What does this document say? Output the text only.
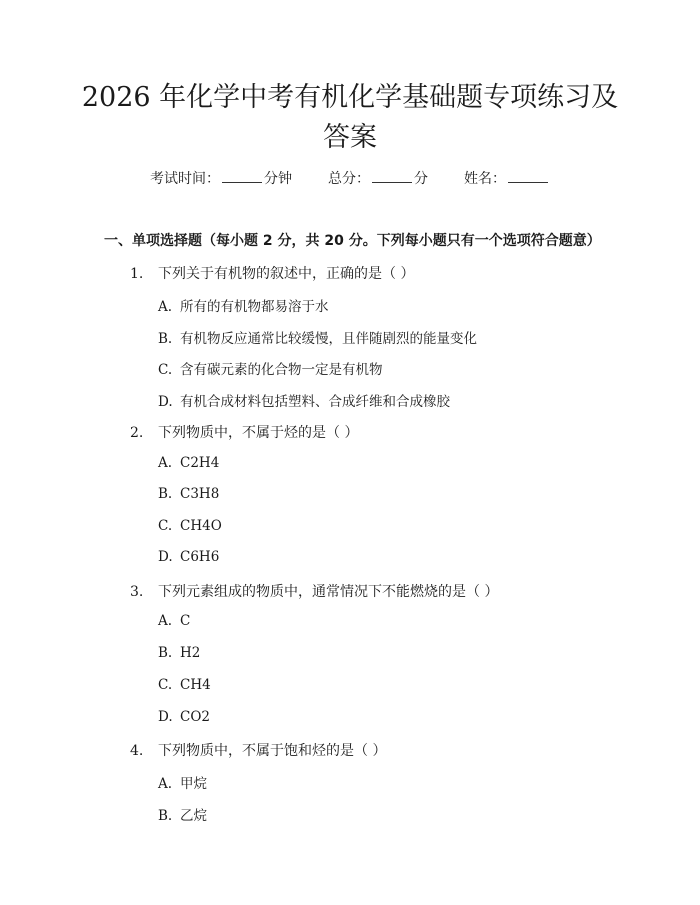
2026 年化学中考有机化学基础题专项练习及
答案
考试时间：	分钟	总分：	分	姓名：
一、单项选择题（每小题 2 分，共 20 分。下列每小题只有一个选项符合题意）
1. 下列关于有机物的叙述中，正确的是（ ）
A. 所有的有机物都易溶于水
B. 有机物反应通常比较缓慢，且伴随剧烈的能量变化
C. 含有碳元素的化合物一定是有机物
D. 有机合成材料包括塑料、合成纤维和合成橡胶
2. 下列物质中，不属于烃的是（ ）
A. C2H4
B. C3H8
C. CH4O
D. C6H6
3. 下列元素组成的物质中，通常情况下不能燃烧的是（ ）
A. C
B. H2
C. CH4
D. CO2
4. 下列物质中，不属于饱和烃的是（ ）
A. 甲烷
B. 乙烷
